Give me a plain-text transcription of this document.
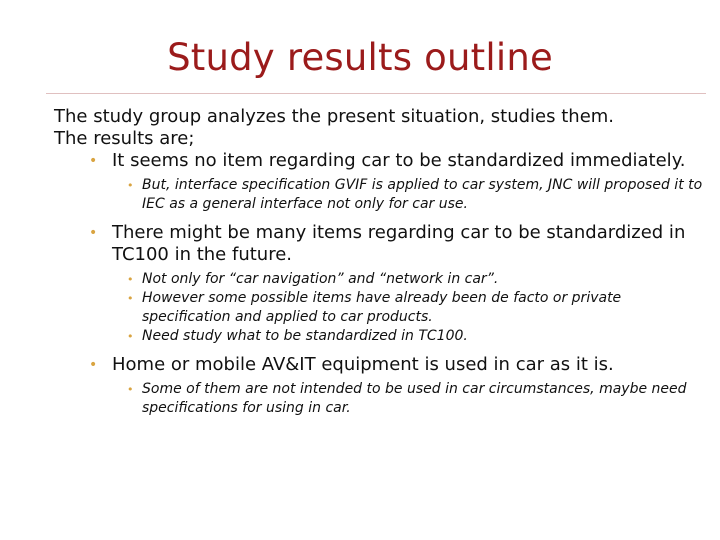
Study results outline

The study group analyzes the present situation, studies them.

The results are;

• It seems no item regarding car to be standardized immediately.
• But, interface specification GVIF is applied to car system, JNC will proposed it to IEC as a general interface not only for car use.
• There might be many items regarding car to be standardized in TC100 in the future.
• Not only for “car navigation” and “network in car”.
• However some possible items have already been de facto or private specification and applied to car products.
• Need study what to be standardized in TC100.
• Home or mobile AV&IT equipment is used in car as it is.
• Some of them are not intended to be used in car circumstances, maybe need specifications for using in car.
